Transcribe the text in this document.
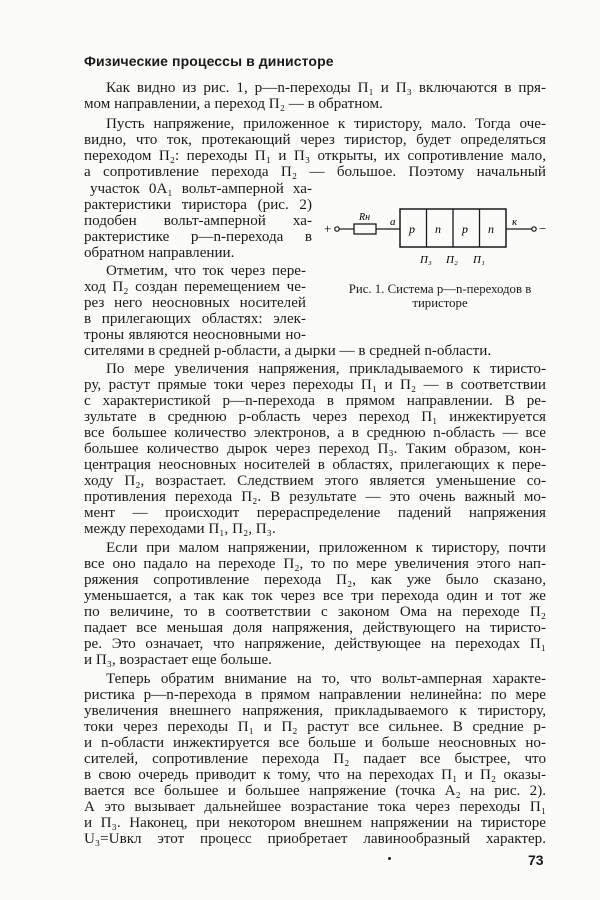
Физические процессы в динисторе
Как видно из рис. 1, p—n-переходы П₁ и П₃ включаются в пря-
мом направлении, а переход П₂ — в обратном.
Пусть напряжение, приложенное к тиристору, мало. Тогда оче-
видно, что ток, протекающий через тиристор, будет определяться
переходом П₂: переходы П₁ и П₃ открыты, их сопротивление мало,
а сопротивление перехода П₂ — большое. Поэтому начальный
участок 0A₁ вольт-амперной ха-
рактеристики тиристора (рис. 2)
подобен вольт-амперной ха-
рактеристике p—n-перехода в
обратном направлении.
Отметим, что ток через пере-
ход П₂ создан перемещением че-
рез него неосновных носителей
в прилегающих областях: элек-
троны являются неосновными но-
сителями в средней p-области, а дырки — в средней n-области.
+
Rн a p n p n к −
П₃ П₂ П₁
Рис. 1. Система p—n-переходов в
тиристоре
По мере увеличения напряжения, прикладываемого к тиристо-
ру, растут прямые токи через переходы П₁ и П₂ — в соответствии
с характеристикой p—n-перехода в прямом направлении. В ре-
зультате в среднюю p-область через переход П₁ инжектируется
все большее количество электронов, а в среднюю n-область — все
большее количество дырок через переход П₃. Таким образом, кон-
центрация неосновных носителей в областях, прилегающих к пере-
ходу П₂, возрастает. Следствием этого является уменьшение со-
противления перехода П₂. В результате — это очень важный мо-
мент — происходит перераспределение падений напряжения
между переходами П₁, П₂, П₃.
Если при малом напряжении, приложенном к тиристору, почти
все оно падало на переходе П₂, то по мере увеличения этого нап-
ряжения сопротивление перехода П₂, как уже было сказано,
уменьшается, а так как ток через все три перехода один и тот же
по величине, то в соответствии с законом Ома на переходе П₂
падает все меньшая доля напряжения, действующего на тиристо-
ре. Это означает, что напряжение, действующее на переходах П₁
и П₃, возрастает еще больше.
Теперь обратим внимание на то, что вольт-амперная характе-
ристика p—n-перехода в прямом направлении нелинейна: по мере
увеличения внешнего напряжения, прикладываемого к тиристору,
токи через переходы П₁ и П₂ растут все сильнее. В средние p-
и n-области инжектируется все больше и больше неосновных но-
сителей, сопротивление перехода П₂ падает все быстрее, что
в свою очередь приводит к тому, что на переходах П₁ и П₂ оказы-
вается все большее и большее напряжение (точка A₂ на рис. 2).
А это вызывает дальнейшее возрастание тока через переходы П₁
и П₃. Наконец, при некотором внешнем напряжении на тиристоре
U₃=Uвкл этот процесс приобретает лавинообразный характер.
73
